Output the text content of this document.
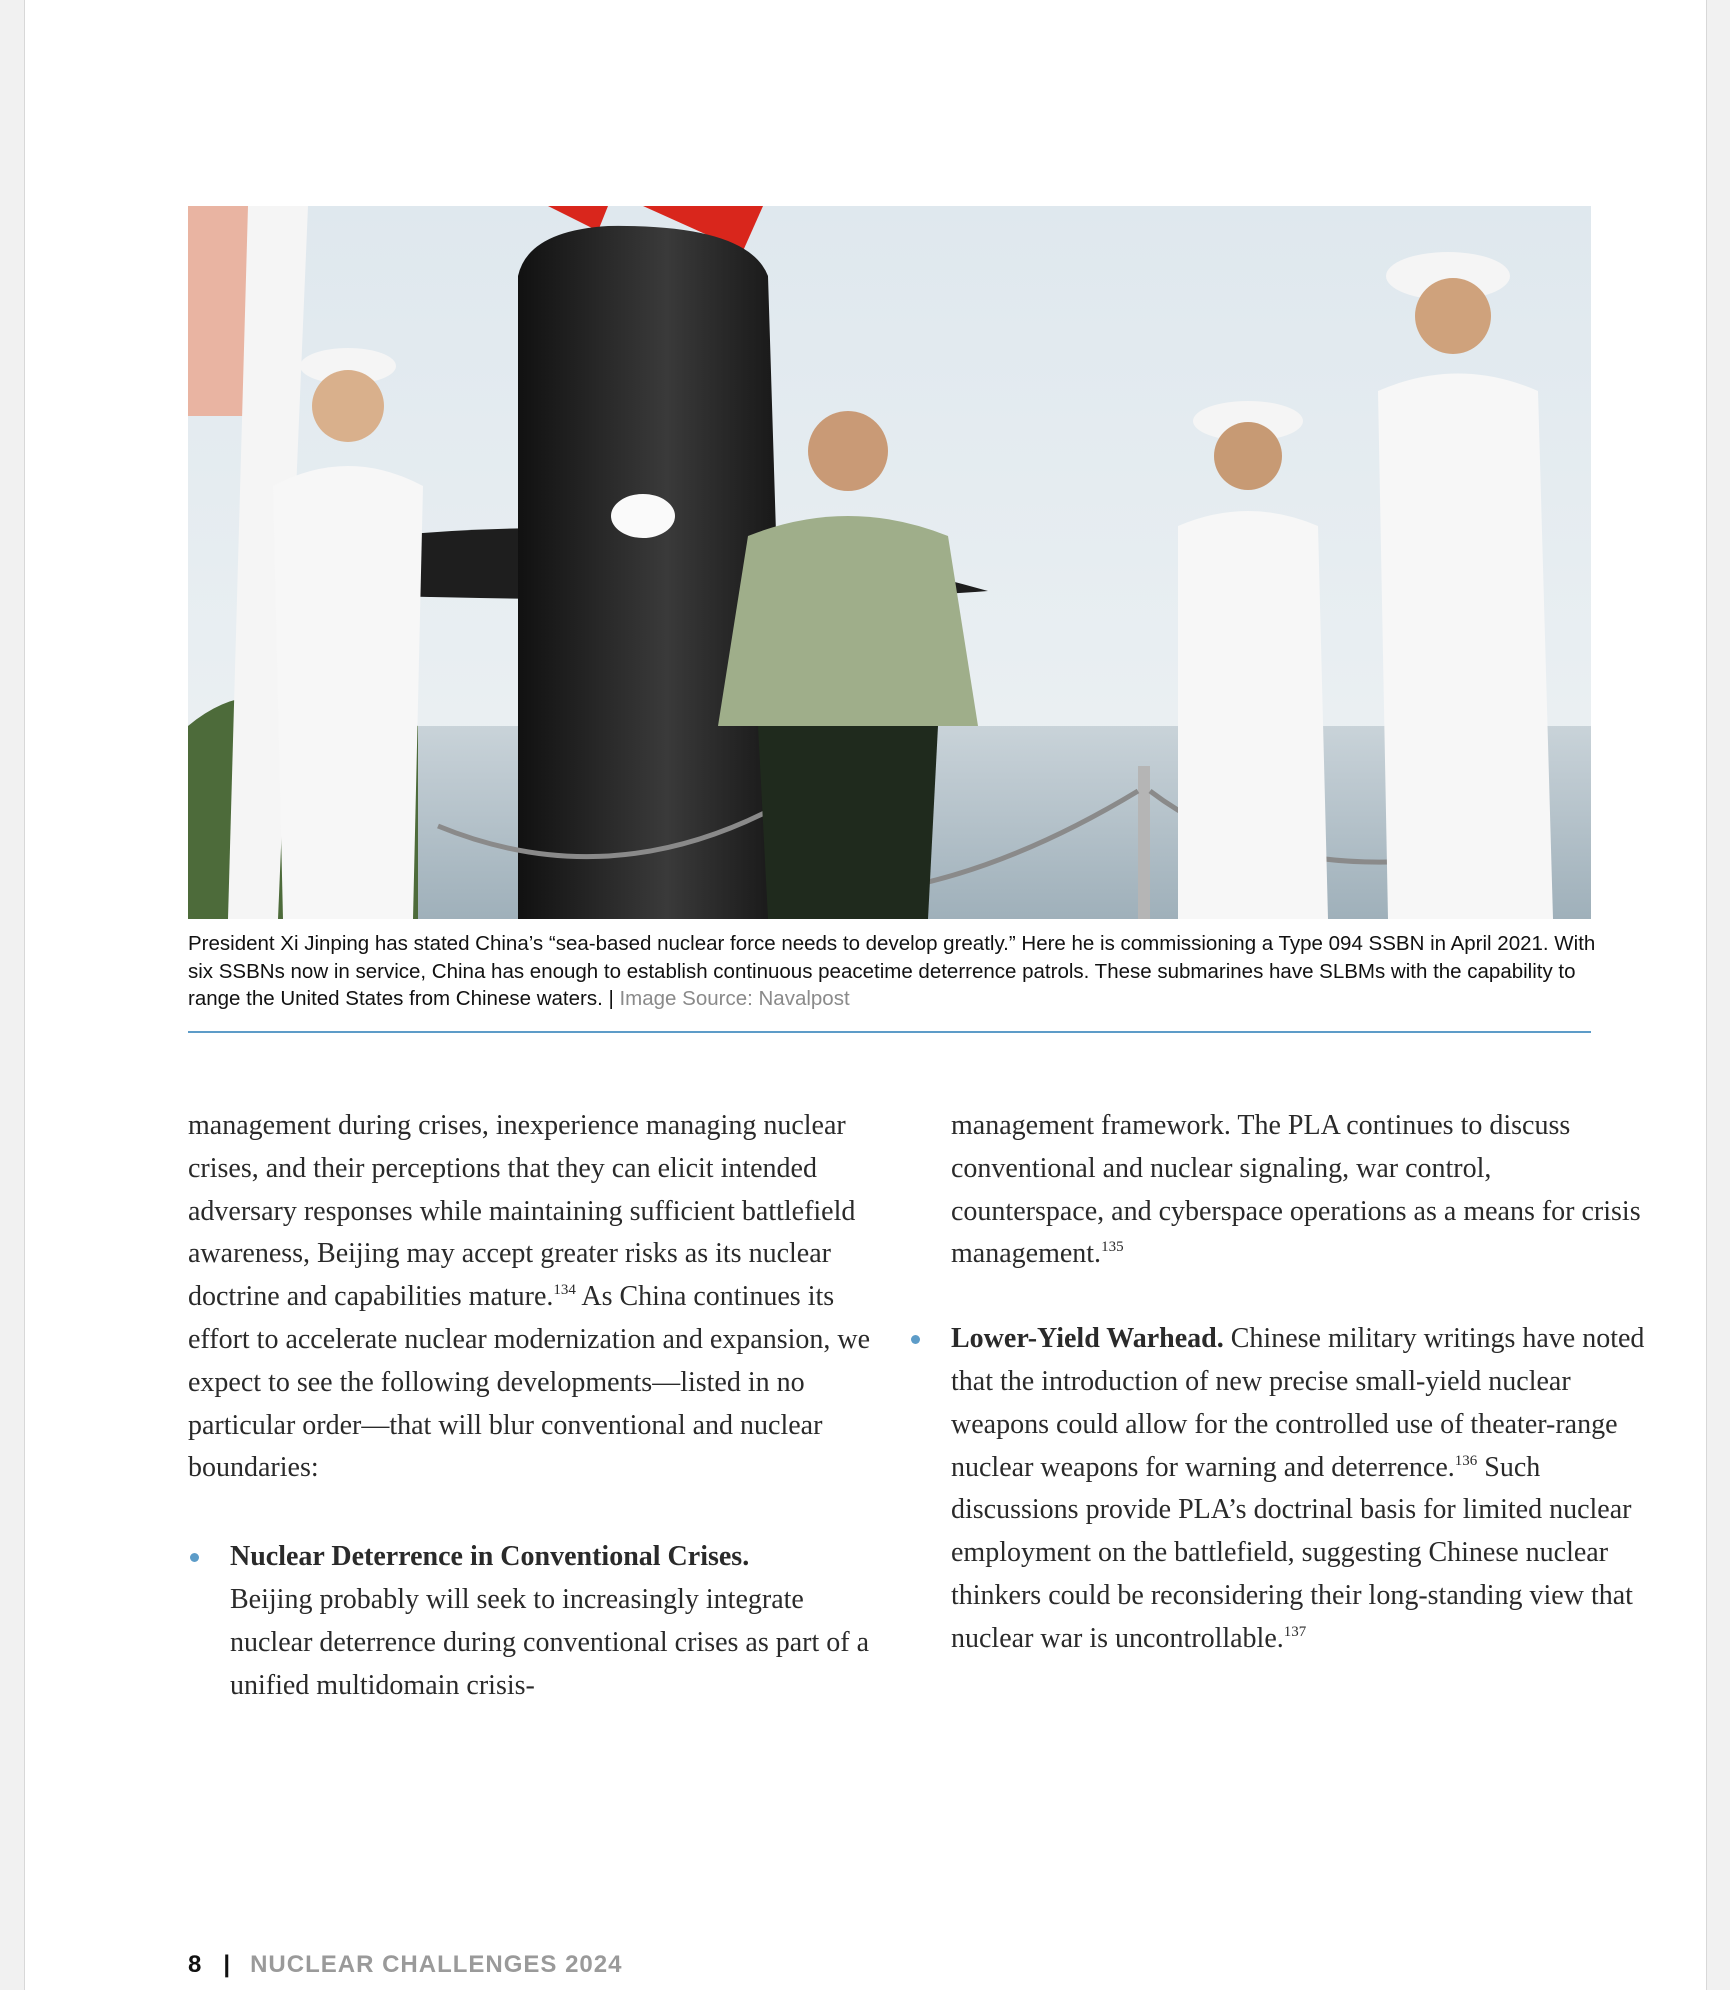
President Xi Jinping has stated China’s “sea-based nuclear force needs to develop greatly.” Here he is commissioning a Type 094 SSBN in April 2021. With six SSBNs now in service, China has enough to establish continuous peacetime deterrence patrols. These submarines have SLBMs with the capability to range the United States from Chinese waters. | Image Source: Navalpost

management during crises, inexperience managing nuclear crises, and their perceptions that they can elicit intended adversary responses while maintaining sufficient battlefield awareness, Beijing may accept greater risks as its nuclear doctrine and capabilities mature.$^{134}$ As China continues its effort to accelerate nuclear modernization and expansion, we expect to see the following developments—listed in no particular order—that will blur conventional and nuclear boundaries:

Nuclear Deterrence in Conventional Crises.
Beijing probably will seek to increasingly integrate nuclear deterrence during conventional crises as part of a unified multidomain crisis-

management framework. The PLA continues to discuss conventional and nuclear signaling, war control, counterspace, and cyberspace operations as a means for crisis management.$^{135}$

Lower-Yield Warhead. Chinese military writings have noted that the introduction of new precise small-yield nuclear weapons could allow for the controlled use of theater-range nuclear weapons for warning and deterrence.$^{136}$ Such discussions provide PLA’s doctrinal basis for limited nuclear employment on the battlefield, suggesting Chinese nuclear thinkers could be reconsidering their long-standing view that nuclear war is uncontrollable.$^{137}$

8 | NUCLEAR CHALLENGES 2024
